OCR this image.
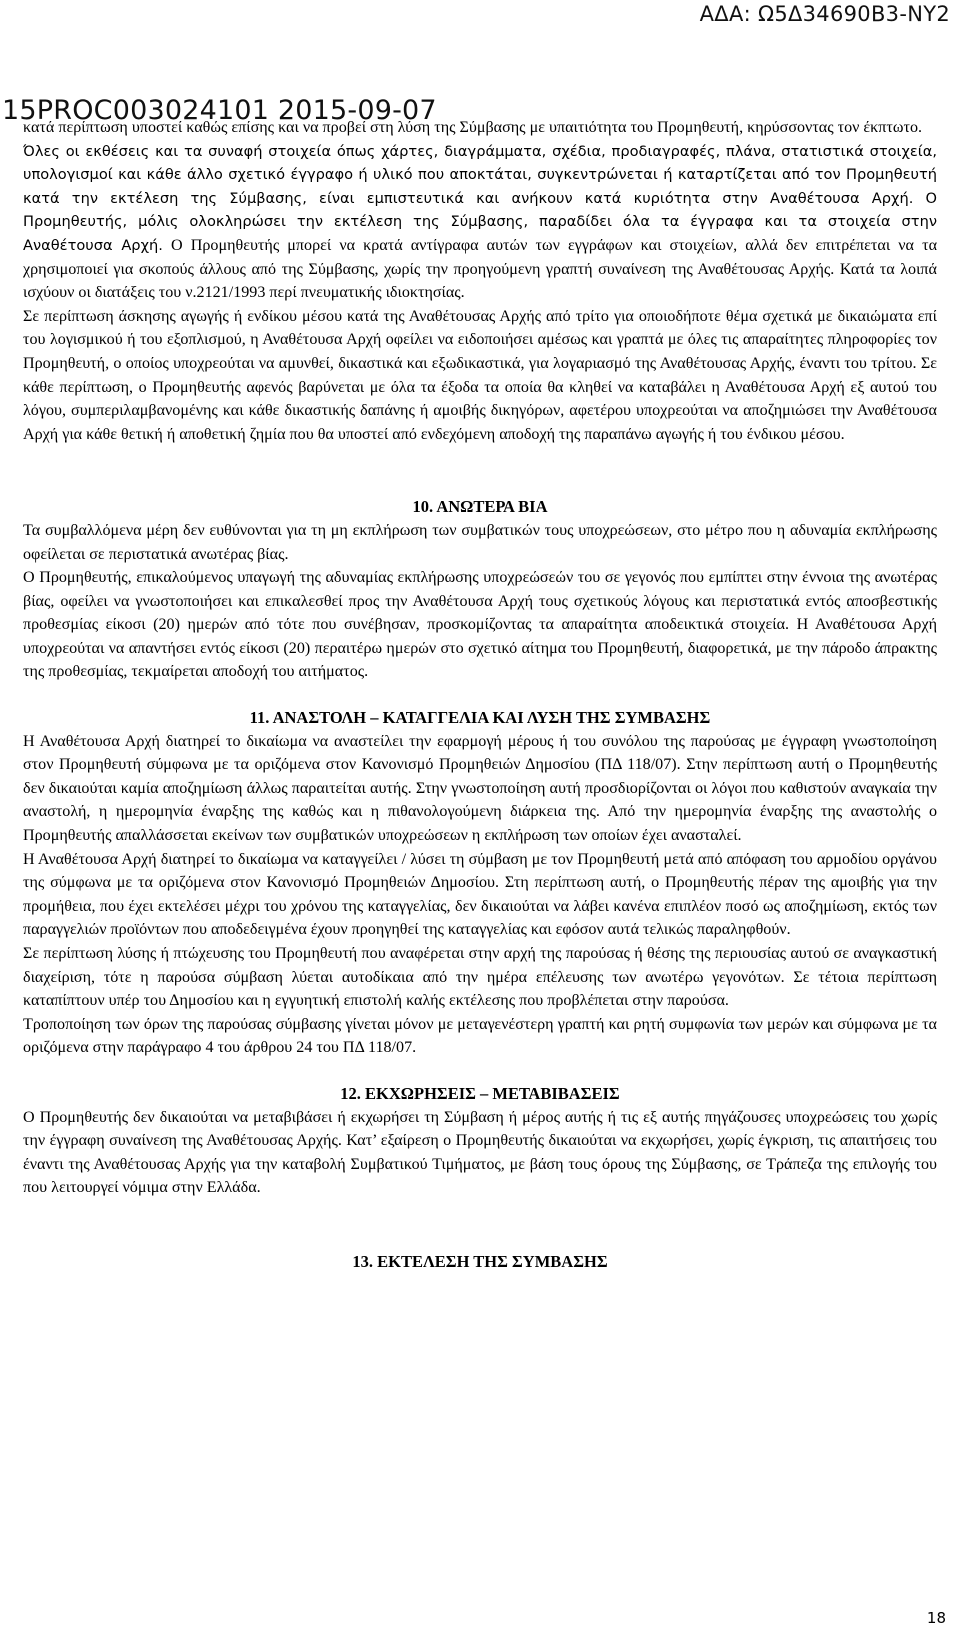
ΑΔΑ: Ω5Δ34690Β3-ΝΥ2
15PROC003024101 2015-09-07

κατά περίπτωση υποστεί καθώς επίσης και να προβεί στη λύση της Σύμβασης με υπαιτιότητα του Προμηθευτή, κηρύσσοντας τον έκπτωτο.

Όλες οι εκθέσεις και τα συναφή στοιχεία όπως χάρτες, διαγράμματα, σχέδια, προδιαγραφές, πλάνα, στατιστικά στοιχεία, υπολογισμοί και κάθε άλλο σχετικό έγγραφο ή υλικό που αποκτάται, συγκεντρώνεται ή καταρτίζεται από τον Προμηθευτή κατά την εκτέλεση της Σύμβασης, είναι εμπιστευτικά και ανήκουν κατά κυριότητα στην Αναθέτουσα Αρχή. Ο Προμηθευτής, μόλις ολοκληρώσει την εκτέλεση της Σύμβασης, παραδίδει όλα τα έγγραφα και τα στοιχεία στην Αναθέτουσα Αρχή. Ο Προμηθευτής μπορεί να κρατά αντίγραφα αυτών των εγγράφων και στοιχείων, αλλά δεν επιτρέπεται να τα χρησιμοποιεί για σκοπούς άλλους από της Σύμβασης, χωρίς την προηγούμενη γραπτή συναίνεση της Αναθέτουσας Αρχής. Κατά τα λοιπά ισχύουν οι διατάξεις του ν.2121/1993 περί πνευματικής ιδιοκτησίας.

Σε περίπτωση άσκησης αγωγής ή ενδίκου μέσου κατά της Αναθέτουσας Αρχής από τρίτο για οποιοδήποτε θέμα σχετικά με δικαιώματα επί του λογισμικού ή του εξοπλισμού, η Αναθέτουσα Αρχή οφείλει να ειδοποιήσει αμέσως και γραπτά με όλες τις απαραίτητες πληροφορίες τον Προμηθευτή, ο οποίος υποχρεούται να αμυνθεί, δικαστικά και εξωδικαστικά, για λογαριασμό της Αναθέτουσας Αρχής, έναντι του τρίτου. Σε κάθε περίπτωση, ο Προμηθευτής αφενός βαρύνεται με όλα τα έξοδα τα οποία θα κληθεί να καταβάλει η Αναθέτουσα Αρχή εξ αυτού του λόγου, συμπεριλαμβανομένης και κάθε δικαστικής δαπάνης ή αμοιβής δικηγόρων, αφετέρου υποχρεούται να αποζημιώσει την Αναθέτουσα Αρχή για κάθε θετική ή αποθετική ζημία που θα υποστεί από ενδεχόμενη αποδοχή της παραπάνω αγωγής ή του ένδικου μέσου.

10. ΑΝΩΤΕΡΑ ΒΙΑ

Τα συμβαλλόμενα μέρη δεν ευθύνονται για τη μη εκπλήρωση των συμβατικών τους υποχρεώσεων, στο μέτρο που η αδυναμία εκπλήρωσης οφείλεται σε περιστατικά ανωτέρας βίας.

Ο Προμηθευτής, επικαλούμενος υπαγωγή της αδυναμίας εκπλήρωσης υποχρεώσεών του σε γεγονός που εμπίπτει στην έννοια της ανωτέρας βίας, οφείλει να γνωστοποιήσει και επικαλεσθεί προς την Αναθέτουσα Αρχή τους σχετικούς λόγους και περιστατικά εντός αποσβεστικής προθεσμίας είκοσι (20) ημερών από τότε που συνέβησαν, προσκομίζοντας τα απαραίτητα αποδεικτικά στοιχεία. Η Αναθέτουσα Αρχή υποχρεούται να απαντήσει εντός είκοσι (20) περαιτέρω ημερών στο σχετικό αίτημα του Προμηθευτή, διαφορετικά, με την πάροδο άπρακτης της προθεσμίας, τεκμαίρεται αποδοχή του αιτήματος.

11. ΑΝΑΣΤΟΛΗ – ΚΑΤΑΓΓΕΛΙΑ ΚΑΙ ΛΥΣΗ ΤΗΣ ΣΥΜΒΑΣΗΣ

Η Αναθέτουσα Αρχή διατηρεί το δικαίωμα να αναστείλει την εφαρμογή μέρους ή του συνόλου της παρούσας με έγγραφη γνωστοποίηση στον Προμηθευτή σύμφωνα με τα οριζόμενα στον Κανονισμό Προμηθειών Δημοσίου (ΠΔ 118/07). Στην περίπτωση αυτή ο Προμηθευτής δεν δικαιούται καμία αποζημίωση άλλως παραιτείται αυτής. Στην γνωστοποίηση αυτή προσδιορίζονται οι λόγοι που καθιστούν αναγκαία την αναστολή, η ημερομηνία έναρξης της καθώς και η πιθανολογούμενη διάρκεια της. Από την ημερομηνία έναρξης της αναστολής ο Προμηθευτής απαλλάσσεται εκείνων των συμβατικών υποχρεώσεων η εκπλήρωση των οποίων έχει ανασταλεί.

Η Αναθέτουσα Αρχή διατηρεί το δικαίωμα να καταγγείλει / λύσει τη σύμβαση με τον Προμηθευτή μετά από απόφαση του αρμοδίου οργάνου της σύμφωνα με τα οριζόμενα στον Κανονισμό Προμηθειών Δημοσίου. Στη περίπτωση αυτή, ο Προμηθευτής πέραν της αμοιβής για την προμήθεια, που έχει εκτελέσει μέχρι του χρόνου της καταγγελίας, δεν δικαιούται να λάβει κανένα επιπλέον ποσό ως αποζημίωση, εκτός των παραγγελιών προϊόντων που αποδεδειγμένα έχουν προηγηθεί της καταγγελίας και εφόσον αυτά τελικώς παραληφθούν.

Σε περίπτωση λύσης ή πτώχευσης του Προμηθευτή που αναφέρεται στην αρχή της παρούσας ή θέσης της περιουσίας αυτού σε αναγκαστική διαχείριση, τότε η παρούσα σύμβαση λύεται αυτοδίκαια από την ημέρα επέλευσης των ανωτέρω γεγονότων. Σε τέτοια περίπτωση καταπίπτουν υπέρ του Δημοσίου και η εγγυητική επιστολή καλής εκτέλεσης που προβλέπεται στην παρούσα.

Τροποποίηση των όρων της παρούσας σύμβασης γίνεται μόνον με μεταγενέστερη γραπτή και ρητή συμφωνία των μερών και σύμφωνα με τα οριζόμενα στην παράγραφο 4 του άρθρου 24 του ΠΔ 118/07.

12. ΕΚΧΩΡΗΣΕΙΣ – ΜΕΤΑΒΙΒΑΣΕΙΣ

Ο Προμηθευτής δεν δικαιούται να μεταβιβάσει ή εκχωρήσει τη Σύμβαση ή μέρος αυτής ή τις εξ αυτής πηγάζουσες υποχρεώσεις του χωρίς την έγγραφη συναίνεση της Αναθέτουσας Αρχής. Κατ’ εξαίρεση ο Προμηθευτής δικαιούται να εκχωρήσει, χωρίς έγκριση, τις απαιτήσεις του έναντι της Αναθέτουσας Αρχής για την καταβολή Συμβατικού Τιμήματος, με βάση τους όρους της Σύμβασης, σε Τράπεζα της επιλογής του που λειτουργεί νόμιμα στην Ελλάδα.

13. ΕΚΤΕΛΕΣΗ ΤΗΣ ΣΥΜΒΑΣΗΣ
18
